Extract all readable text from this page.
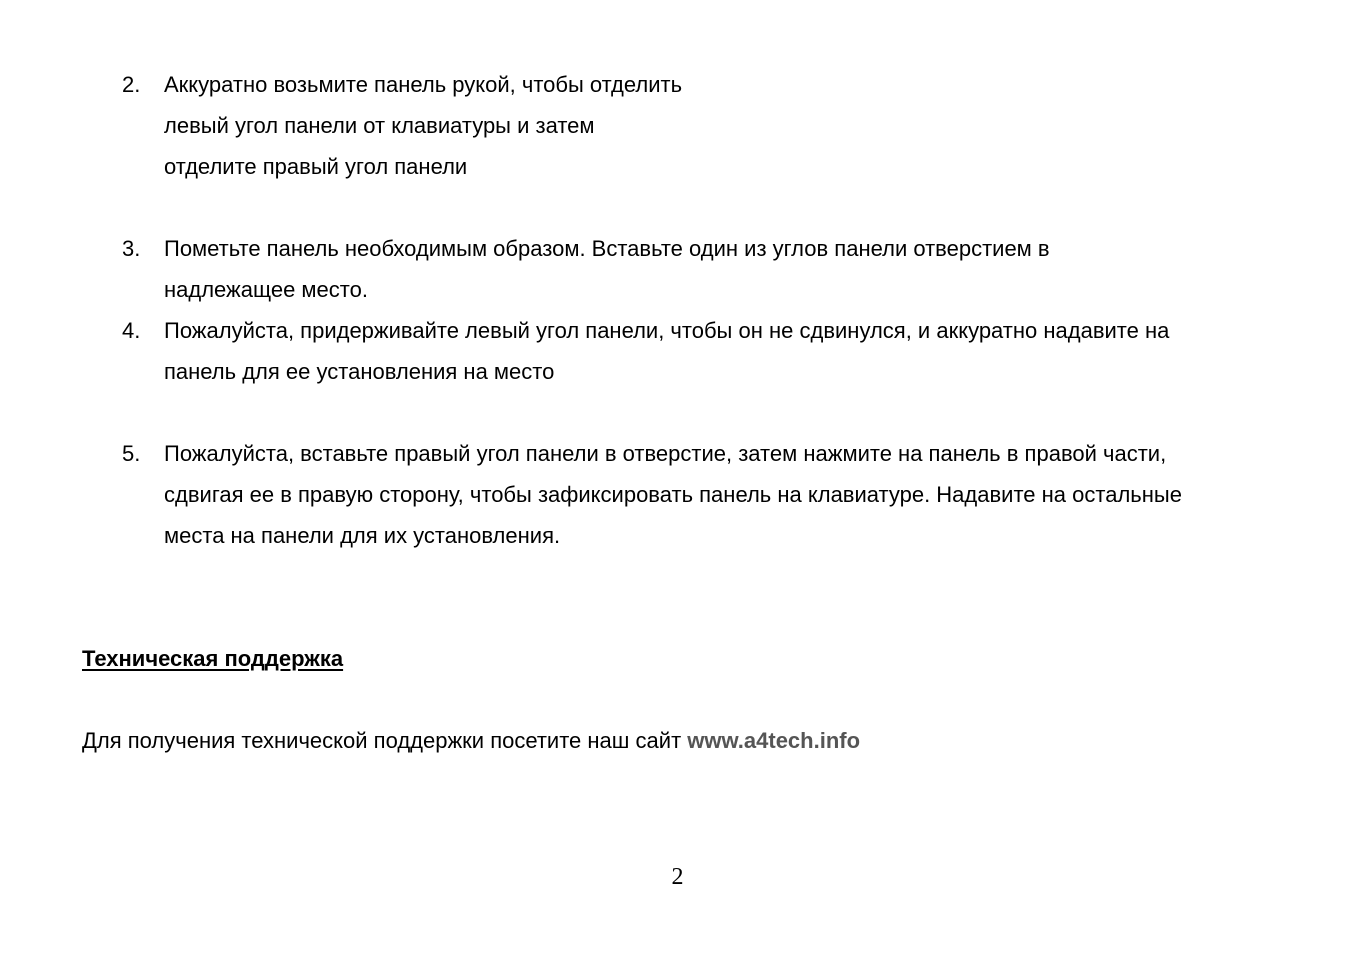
2. Аккуратно возьмите панель рукой, чтобы отделить
левый угол панели от клавиатуры и затем
отделите правый угол панели
3. Пометьте панель необходимым образом. Вставьте один из углов панели отверстием в
надлежащее место.
4. Пожалуйста, придерживайте левый угол панели, чтобы он не сдвинулся, и аккуратно надавите на
панель для ее установления на место
5. Пожалуйста, вставьте правый угол панели в отверстие, затем нажмите на панель в правой части,
сдвигая ее в правую сторону, чтобы зафиксировать панель на клавиатуре. Надавите на остальные
места на панели для их установления.
Техническая поддержка
Для получения технической поддержки посетите наш сайт www.a4tech.info
2
